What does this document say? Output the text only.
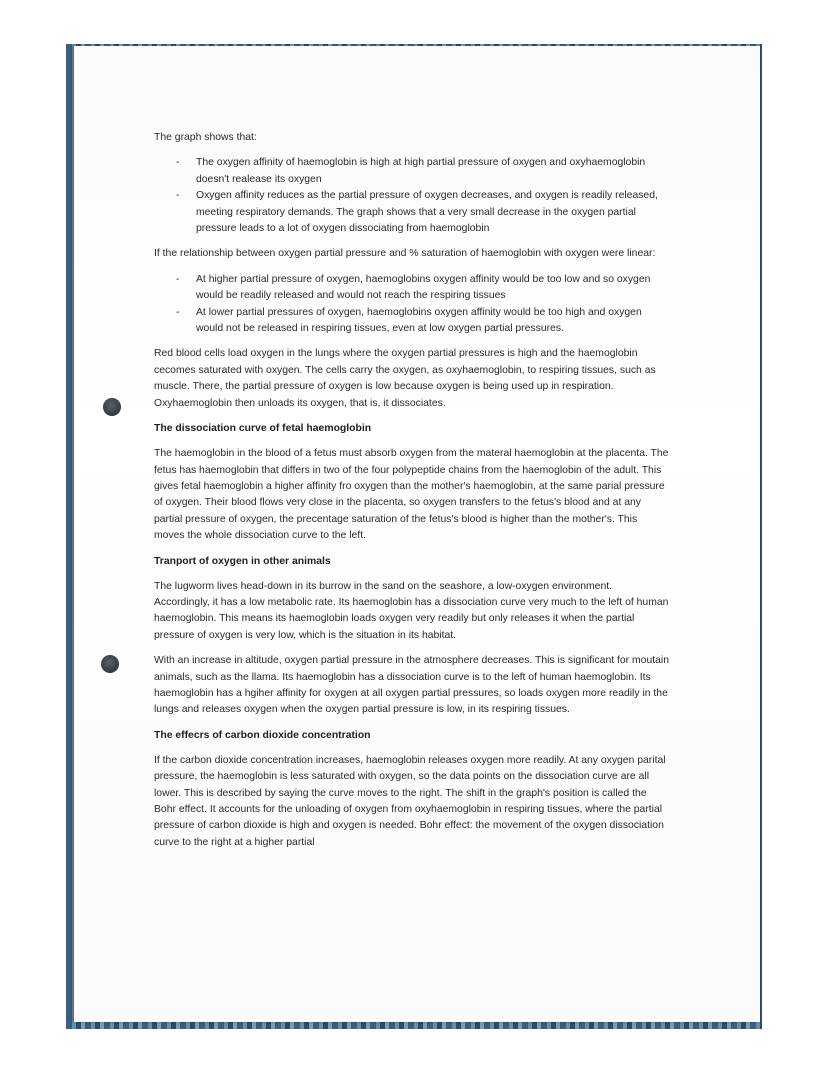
The graph shows that:

- The oxygen affinity of haemoglobin is high at high partial pressure of oxygen and oxyhaemoglobin doesn't realease its oxygen
- Oxygen affinity reduces as the partial pressure of oxygen decreases, and oxygen is readily released, meeting respiratory demands. The graph shows that a very small decrease in the oxygen partial pressure leads to a lot of oxygen dissociating from haemoglobin

If the relationship between oxygen partial pressure and % saturation of haemoglobin with oxygen were linear:

- At higher partial pressure of oxygen, haemoglobins oxygen affinity would be too low and so oxygen would be readily released and would not reach the respiring tissues
- At lower partial pressures of oxygen, haemoglobins oxygen affinity would be too high and oxygen would not be released in respiring tissues, even at low oxygen partial pressures.

Red blood cells load oxygen in the lungs where the oxygen partial pressures is high and the haemoglobin cecomes saturated with oxygen. The cells carry the oxygen, as oxyhaemoglobin, to respiring tissues, such as muscle. There, the partial pressure of oxygen is low because oxygen is being used up in respiration. Oxyhaemoglobin then unloads its oxygen, that is, it dissociates.

The dissociation curve of fetal haemoglobin

The haemoglobin in the blood of a fetus must absorb oxygen from the materal haemoglobin at the placenta. The fetus has haemoglobin that differs in two of the four polypeptide chains from the haemoglobin of the adult. This gives fetal haemoglobin a higher affinity fro oxygen than the mother's haemoglobin, at the same parial pressure of oxygen. Their blood flows very close in the placenta, so oxygen transfers to the fetus's blood and at any partial pressure of oxygen, the precentage saturation of the fetus's blood is higher than the mother's. This moves the whole dissociation curve to the left.

Tranport of oxygen in other animals

The lugworm lives head-down in its burrow in the sand on the seashore, a low-oxygen environment. Accordingly, it has a low metabolic rate. Its haemoglobin has a dissociation curve very much to the left of human haemoglobin. This means its haemoglobin loads oxygen very readily but only releases it when the partial pressure of oxygen is very low, which is the situation in its habitat.

With an increase in altitude, oxygen partial pressure in the atmosphere decreases. This is significant for moutain animals, such as the llama. Its haemoglobin has a dissociation curve is to the left of human haemoglobin. Its haemoglobin has a hgiher affinity for oxygen at all oxygen partial pressures, so loads oxygen more readily in the lungs and releases oxygen when the oxygen partial pressure is low, in its respiring tissues.

The effecrs of carbon dioxide concentration

If the carbon dioxide concentration increases, haemoglobin releases oxygen more readily. At any oxygen parital pressure, the haemoglobin is less saturated with oxygen, so the data points on the dissociation curve are all lower. This is described by saying the curve moves to the right. The shift in the graph's position is called the Bohr effect. It accounts for the unloading of oxygen from oxyhaemoglobin in respiring tissues, where the partial pressure of carbon dioxide is high and oxygen is needed. Bohr effect: the movement of the oxygen dissociation curve to the right at a higher partial
